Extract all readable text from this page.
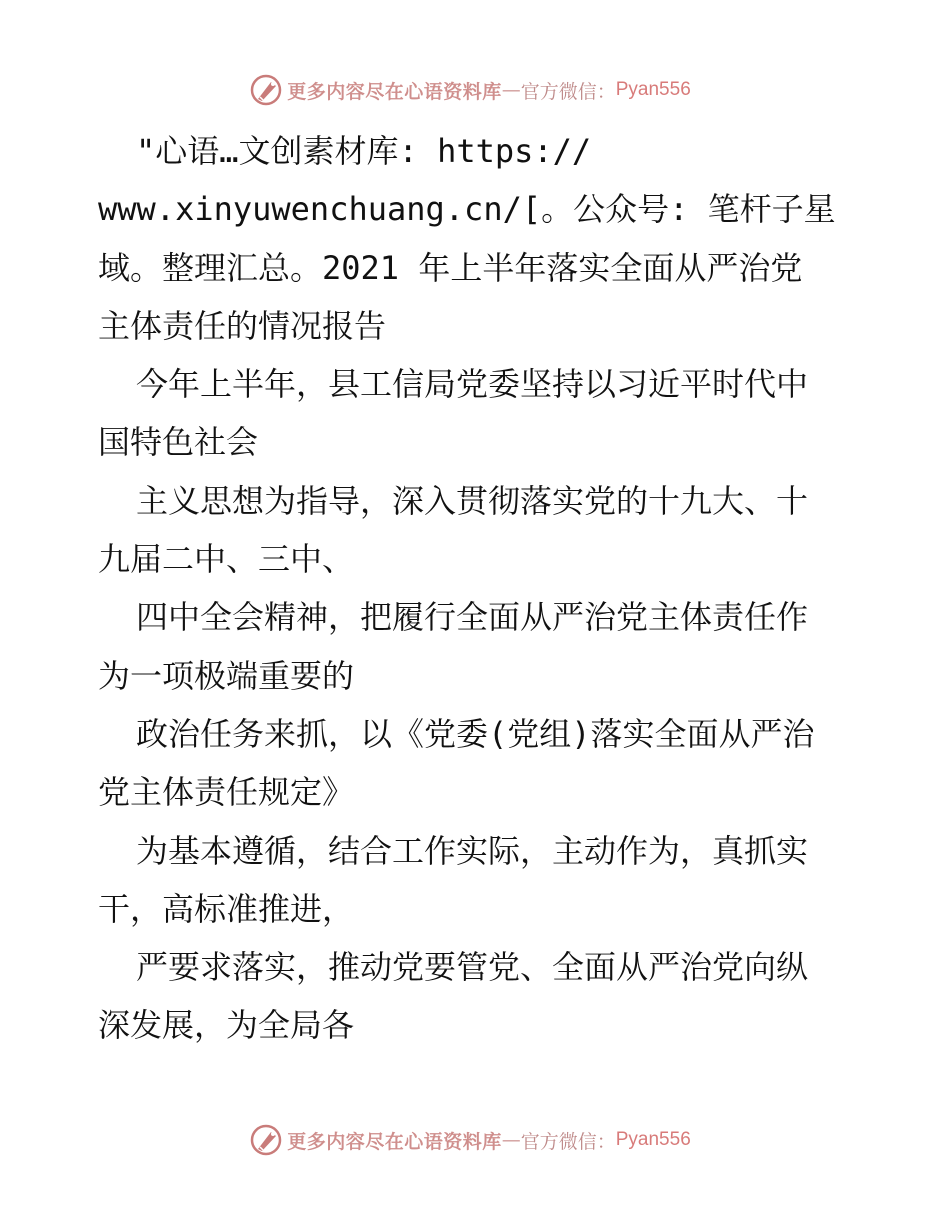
更多内容尽在心语资料库 — 官方微信： Pyan556
"心语…文创素材库: https://
www.xinyuwenchuang.cn/[。公众号: 笔杆子星
域。整理汇总。2021 年上半年落实全面从严治党
主体责任的情况报告
今年上半年，县工信局党委坚持以习近平时代中
国特色社会
主义思想为指导，深入贯彻落实党的十九大、十
九届二中、三中、
四中全会精神，把履行全面从严治党主体责任作
为一项极端重要的
政治任务来抓，以《党委(党组)落实全面从严治
党主体责任规定》
为基本遵循，结合工作实际，主动作为，真抓实
干，高标准推进，
严要求落实，推动党要管党、全面从严治党向纵
深发展，为全局各
更多内容尽在心语资料库 — 官方微信： Pyan556
